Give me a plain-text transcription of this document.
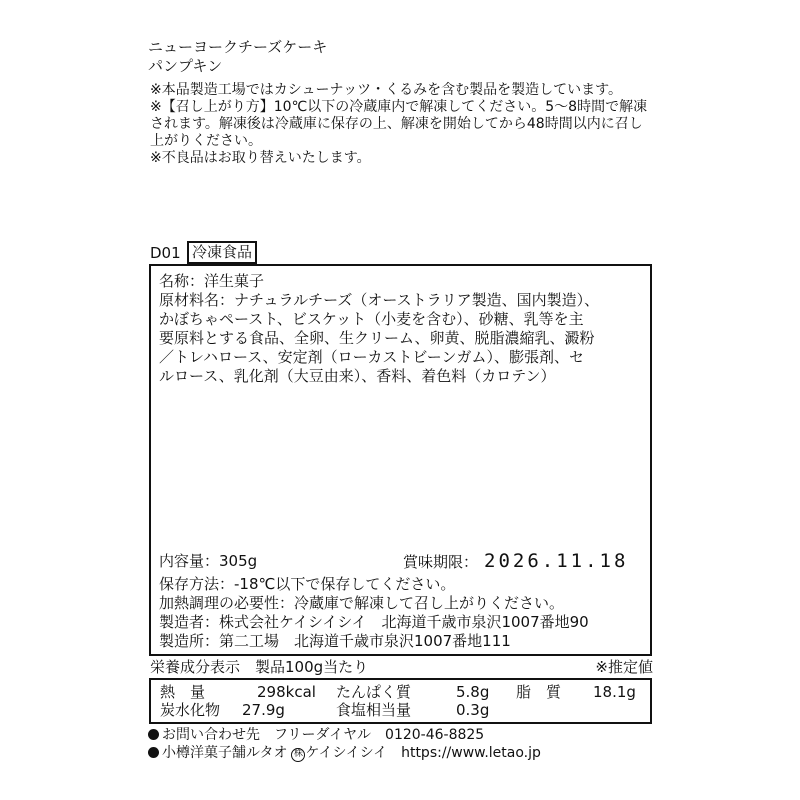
ニューヨークチーズケーキ
パンプキン
※本品製造工場ではカシューナッツ・くるみを含む製品を製造しています。
※【召し上がり方】10℃以下の冷蔵庫内で解凍してください。5〜8時間で解凍
されます。解凍後は冷蔵庫に保存の上、解凍を開始してから48時間以内に召し
上がりください。
※不良品はお取り替えいたします。
D01 冷凍食品
名称：洋生菓子
原材料名：ナチュラルチーズ（オーストラリア製造、国内製造）、
かぼちゃペースト、ビスケット（小麦を含む）、砂糖、乳等を主
要原料とする食品、全卵、生クリーム、卵黄、脱脂濃縮乳、澱粉
／トレハロース、安定剤（ローカストビーンガム）、膨張剤、セ
ルロース、乳化剤（大豆由来）、香料、着色料（カロテン）
内容量：305g	賞味期限： 2026.11.18
保存方法：-18℃以下で保存してください。
加熱調理の必要性：冷蔵庫で解凍して召し上がりください。
製造者：株式会社ケイシイシイ　北海道千歳市泉沢1007番地90
製造所：第二工場　北海道千歳市泉沢1007番地111
栄養成分表示　製品100g当たり	※推定値
熱　量	298kcal たんぱく質	5.8g 脂　質 18.1g
炭水化物 27.9g	食塩相当量	0.3g
お問い合わせ先 フリーダイヤル 0120-46-8825
小樽洋菓子舗ルタオ 株 ケイシイシイ https://www.letao.jp
